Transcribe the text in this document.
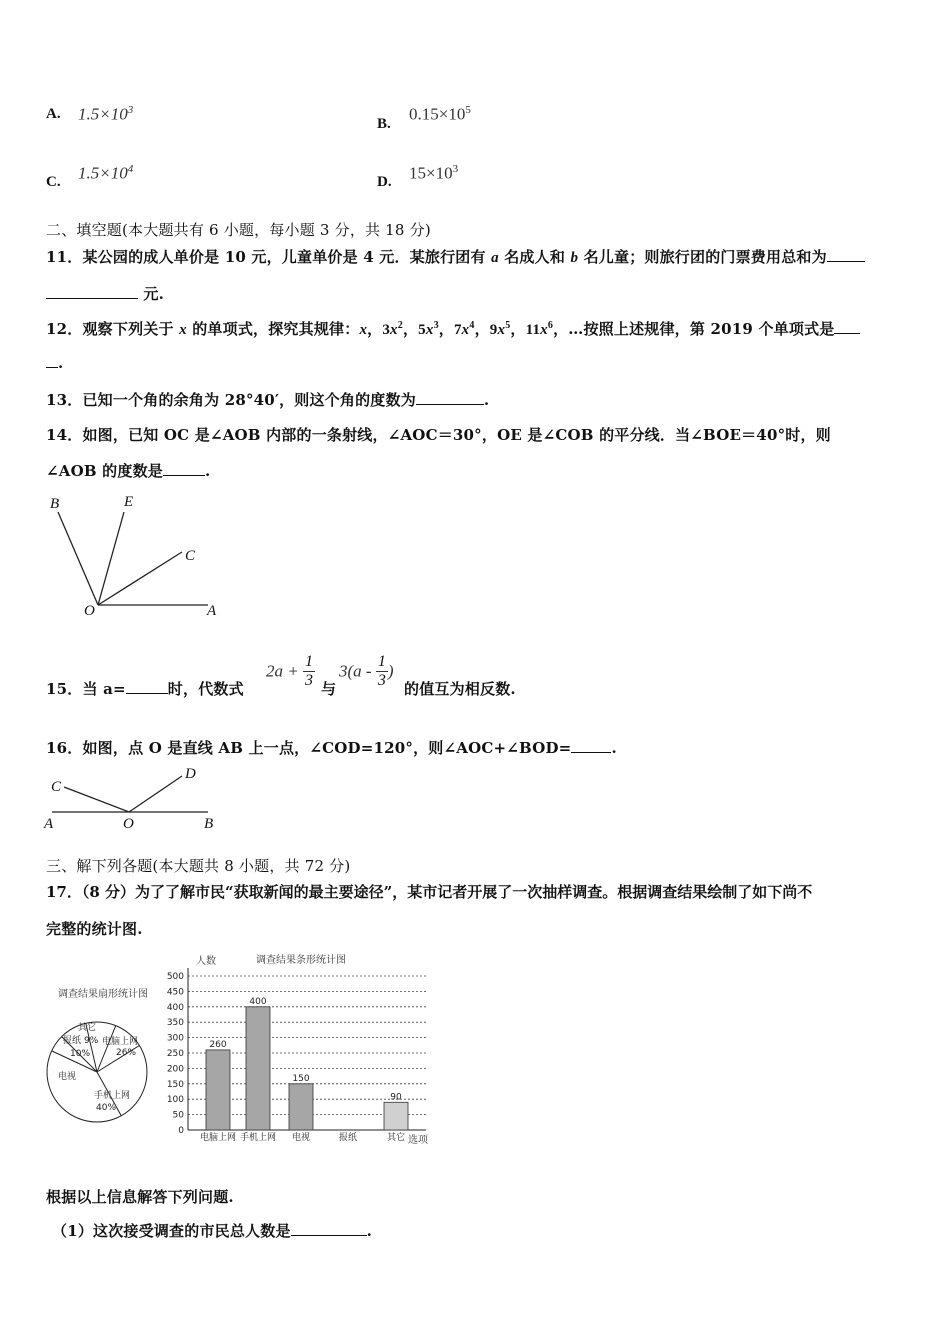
A. $1.5\times 10^3$
B.
$0.15\times 10^5$
C. $1.5\times 10^4$
D. $15\times 10^3$
二、填空题(本大题共有 6 小题，每小题 3 分，共 18 分)
11．某公园的成人单价是 10 元，儿童单价是 4 元．某旅行团有 a 名成人和 b 名儿童；则旅行团的门票费用总和为
元.
12．观察下列关于 x 的单项式，探究其规律：x，$3x^2$，$5x^3$，$7x^4$，$9x^5$，$11x^6$，…按照上述规律，第 2019 个单项式是
.
13．已知一个角的余角为 28°40′，则这个角的度数为	.
14．如图，已知 OC 是∠AOB 内部的一条射线，∠AOC＝30°，OE 是∠COB 的平分线．当∠BOE＝40°时，则
∠AOB 的度数是	.
B	E
C
O	A
15．当 a=	时，代数式
$2a + \frac{1}{3}$ 与
$3(a - \frac{1}{3}$ )
的值互为相反数.
16．如图，点 O 是直线 AB 上一点，∠COD=120°，则∠AOC+∠BOD=	.
C
D
A	O	B
三、解下列各题(本大题共 8 小题，共 72 分)
17．（8 分）为了了解市民“获取新闻的最主要途径”，某市记者开展了一次抽样调查。根据调查结果绘制了如下尚不
完整的统计图.
调查结果扇形统计图
其它
报纸 9%
10%
电脑上网
26%
手机上网
40%
电视
人数	调查结果条形统计图
选项
0
50
100
150
200
250
300
350
400
450
500
260
电脑上网
400
手机上网
150
电视	报纸
90
其它
根据以上信息解答下列问题.
（1）这次接受调查的市民总人数是	.
